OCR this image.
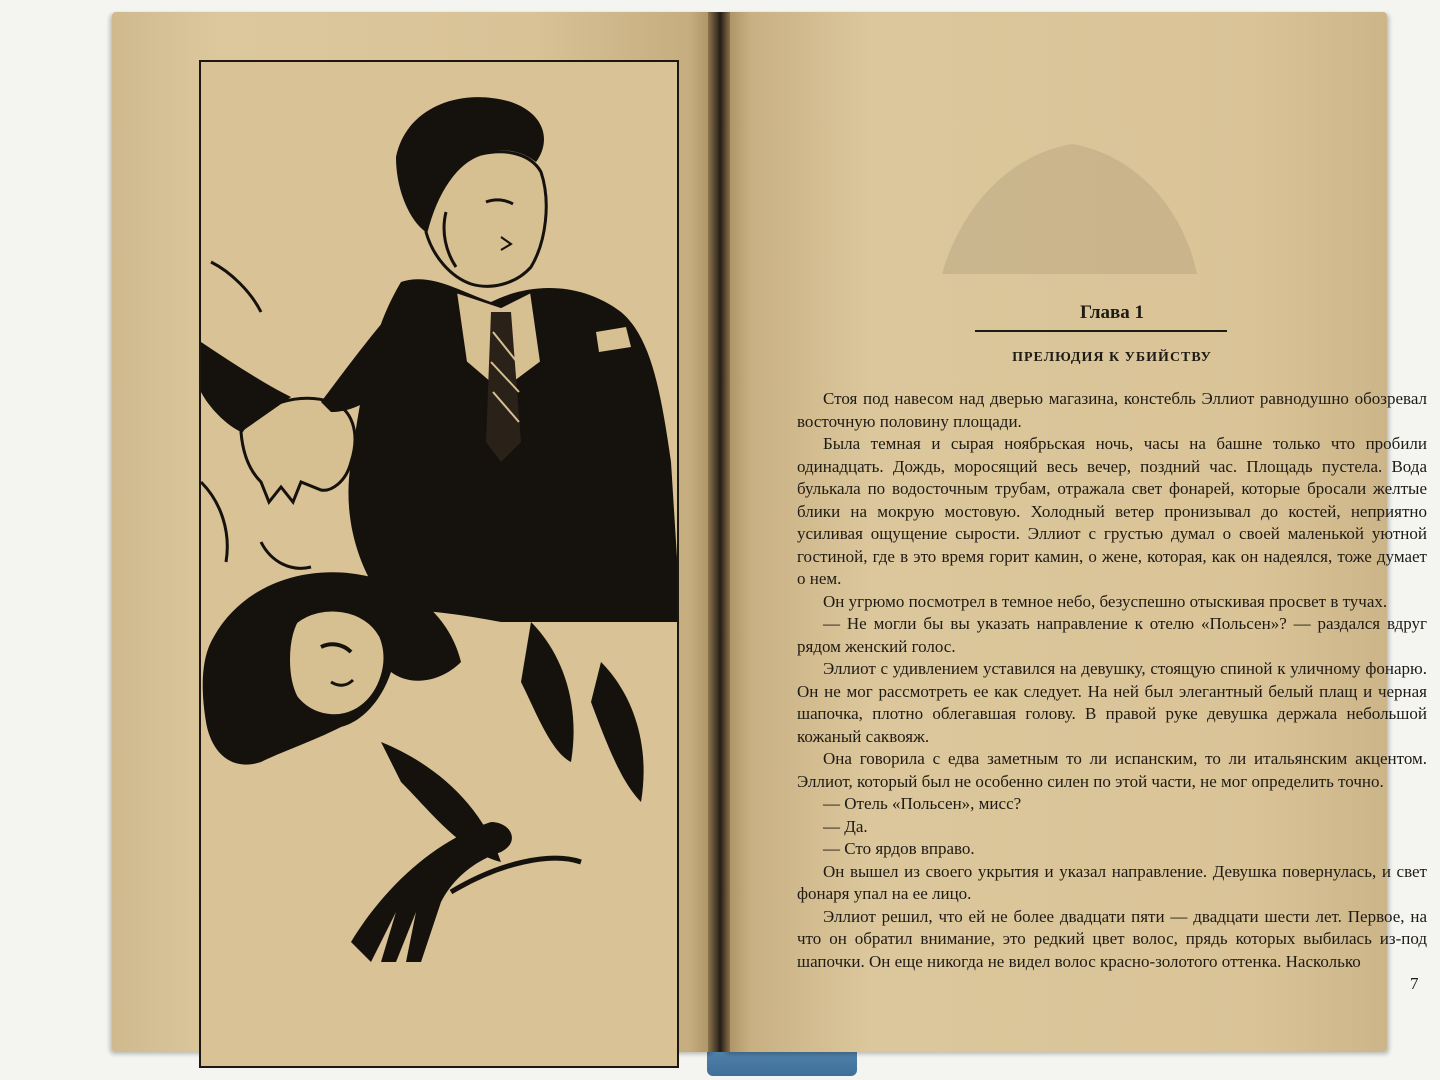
Глава 1
ПРЕЛЮДИЯ К УБИЙСТВУ

Стоя под навесом над дверью магазина, констебль Эллиот равнодушно обозревал восточную половину площади.

Была темная и сырая ноябрьская ночь, часы на башне только что пробили одинадцать. Дождь, моросящий весь вечер, поздний час. Площадь пустела. Вода булькала по водосточным трубам, отражала свет фонарей, которые бросали желтые блики на мокрую мостовую. Холодный ветер пронизывал до костей, неприятно усиливая ощущение сырости. Эллиот с грустью думал о своей маленькой уютной гостиной, где в это время горит камин, о жене, которая, как он надеялся, тоже думает о нем.

Он угрюмо посмотрел в темное небо, безуспешно отыскивая просвет в тучах.

— Не могли бы вы указать направление к отелю «Польсен»? — раздался вдруг рядом женский голос.

Эллиот с удивлением уставился на девушку, стоящую спиной к уличному фонарю. Он не мог рассмотреть ее как следует. На ней был элегантный белый плащ и черная шапочка, плотно облегавшая голову. В правой руке девушка держала небольшой кожаный саквояж.

Она говорила с едва заметным то ли испанским, то ли итальянским акцентом. Эллиот, который был не особенно силен по этой части, не мог определить точно.

— Отель «Польсен», мисс?

— Да.

— Сто ярдов вправо.

Он вышел из своего укрытия и указал направление. Девушка повернулась, и свет фонаря упал на ее лицо.

Эллиот решил, что ей не более двадцати пяти — двадцати шести лет. Первое, на что он обратил внимание, это редкий цвет волос, прядь которых выбилась из-под шапочки. Он еще никогда не видел волос красно-золотого оттенка. Насколько

7
